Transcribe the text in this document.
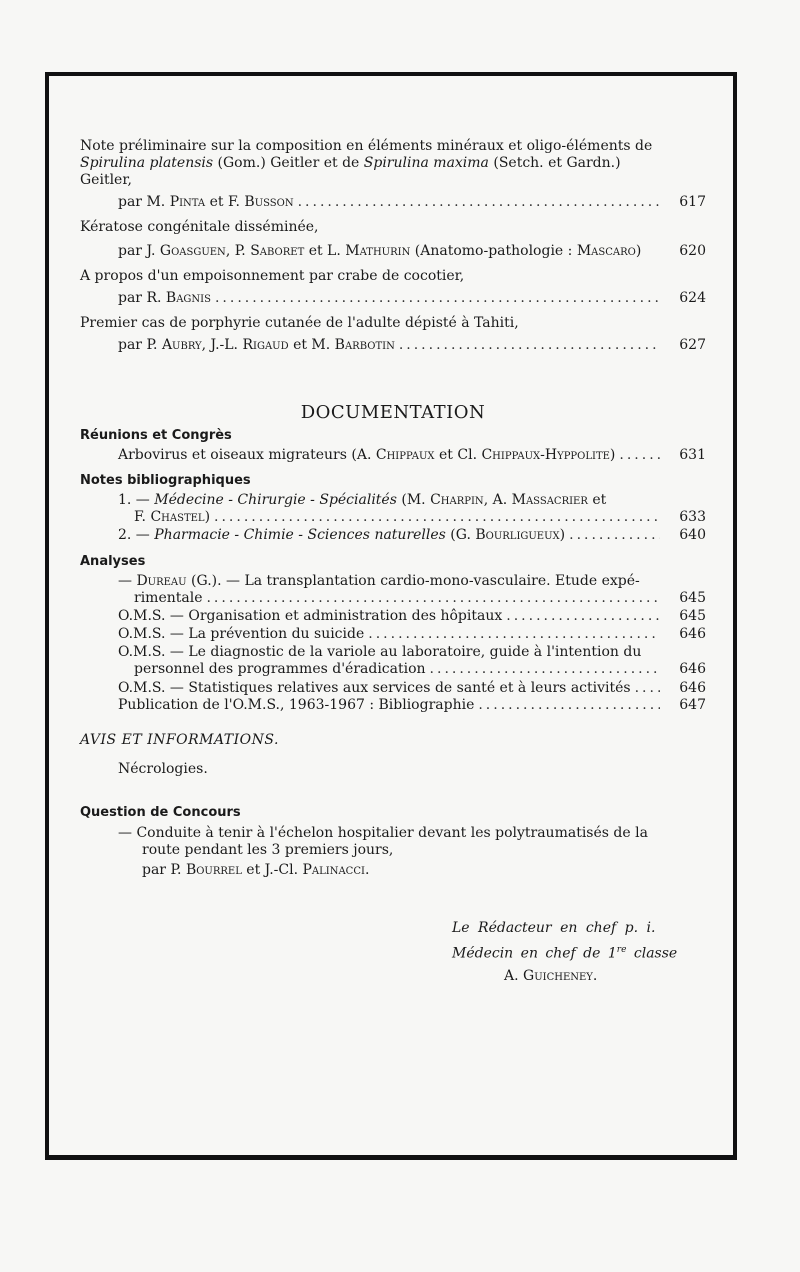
Note préliminaire sur la composition en éléments minéraux et oligo-éléments de
Spirulina platensis (Gom.) Geitler et de Spirulina maxima (Setch. et Gardn.)
Geitler,
par M. Pinta et F. Busson .....	617
Kératose congénitale disséminée,
par J. Goasguen, P. Saboret et L. Mathurin (Anatomo-pathologie : Mascaro)	620
A propos d'un empoisonnement par crabe de cocotier,
par R. Bagnis .....	624
Premier cas de porphyrie cutanée de l'adulte dépisté à Tahiti,
par P. Aubry, J.-L. Rigaud et M. Barbotin .....	627
DOCUMENTATION
Réunions et Congrès
Arbovirus et oiseaux migrateurs (A. Chippaux et Cl. Chippaux-Hyppolite) .....	631
Notes bibliographiques
1. — Médecine - Chirurgie - Spécialités (M. Charpin, A. Massacrier et
F. Chastel) .....	633
2. — Pharmacie - Chimie - Sciences naturelles (G. Bourligueux) .....	640
Analyses
— Dureau (G.). — La transplantation cardio-mono-vasculaire. Etude expé-
rimentale .....	645
O.M.S. — Organisation et administration des hôpitaux .....	645
O.M.S. — La prévention du suicide .....	646
O.M.S. — Le diagnostic de la variole au laboratoire, guide à l'intention du
personnel des programmes d'éradication .....	646
O.M.S. — Statistiques relatives aux services de santé et à leurs activités .....	646
Publication de l'O.M.S., 1963-1967 : Bibliographie .....	647
AVIS ET INFORMATIONS.
Nécrologies.
Question de Concours
— Conduite à tenir à l'échelon hospitalier devant les polytraumatisés de la
route pendant les 3 premiers jours,
par P. Bourrel et J.-Cl. Palinacci.
Le Rédacteur en chef p. i.
Médecin en chef de 1re classe
A. Guicheney.
